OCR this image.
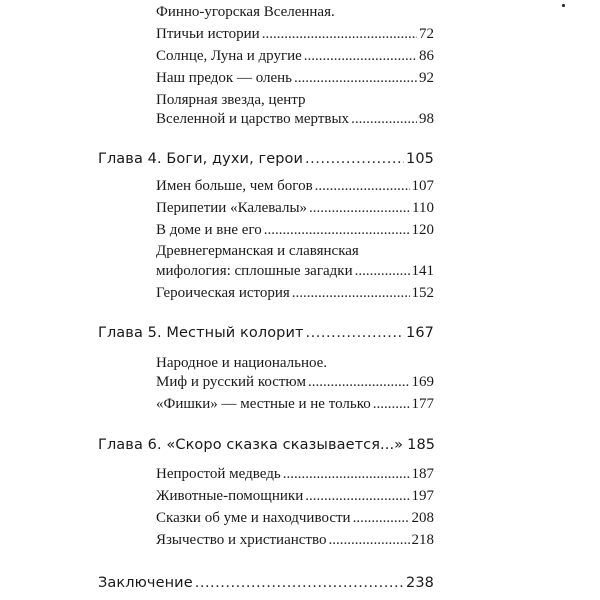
Финно-угорская Вселенная.
Птичьи истории .....	72
Солнце, Луна и другие .....	86
Наш предок — олень .....	92
Полярная звезда, центр
Вселенной и царство мертвых .....	98
Глава 4. Боги, духи, герои .....	105
Имен больше, чем богов .....	107
Перипетии «Калевалы» .....	110
В доме и вне его .....	120
Древнегерманская и славянская
мифология: сплошные загадки .....	141
Героическая история .....	152
Глава 5. Местный колорит .....	167
Народное и национальное.
Миф и русский костюм .....	169
«Фишки» — местные и не только .....	177
Глава 6. «Скоро сказка сказывается...» 185
Непростой медведь .....	187
Животные-помощники .....	197
Сказки об уме и находчивости .....	208
Язычество и христианство .....	218
Заключение .....	238
